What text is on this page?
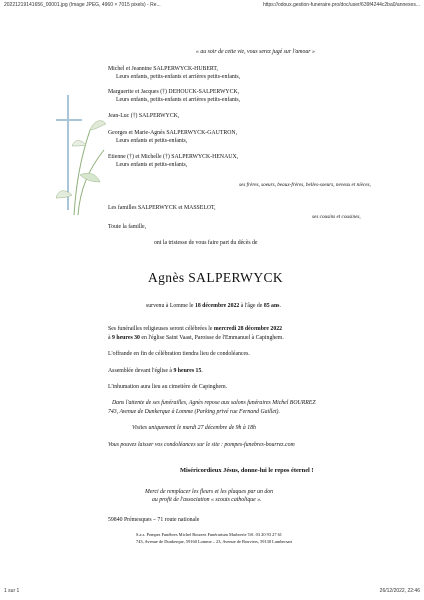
20221219141656_00001.jpg (Image JPEG, 4960 × 7015 pixels) - Re...	https://odoux.gestion-funeraire.pro/doc/user/639f4244c2ba0/annexes...
« au soir de cette vie, vous serez jugé sur l'amour »
Michel et Jeannine SALPERWYCK-HUBERT,
Leurs enfants, petits-enfants et arrières petits-enfants,
Marguerite et Jacques (†) DEHOUCK-SALPERWYCK,
Leurs enfants, petits-enfants et arrières petits-enfants,
Jean-Luc (†) SALPERWYCK,
Georges et Marie-Agnès SALPERWYCK-GAUTRON,
Leurs enfants et petits-enfants,
Etienne (†) et Michelle (†) SALPERWYCK-HENAUX,
Leurs enfants et petits-enfants,
ses frères, soeurs, beaux-frères, belles-soeurs, neveux et nièces,
Les familles SALPERWYCK et MASSELOT,
ses cousins et cousines,
Toute la famille,
ont la tristesse de vous faire part du décès de
Agnès SALPERWYCK
survenu à Lomme le 18 décembre 2022 à l'âge de 85 ans.
Ses funérailles religieuses seront célébrées le mercredi 28 décembre 2022
à 9 heures 30 en l'église Saint Vaast, Paroisse de l'Emmanuel à Capinghem.
L'offrande en fin de célébration tiendra lieu de condoléances.
Assemblée devant l'église à 9 heures 15.
L'inhumation aura lieu au cimetière de Capinghem.
Dans l'attente de ses funérailles, Agnès repose aux salons funéraires Michel BOURREZ
743, Avenue de Dunkerque à Lomme (Parking privé rue Fernand Gaillet).
Visites uniquement le mardi 27 décembre de 9h à 18h
Vous pouvez laisser vos condoléances sur le site : pompes-funebres-bourrez.com
Miséricordieux Jésus, donne-lui le repos éternel !
Merci de remplacer les fleurs et les plaques par un don
au profit de l'association « scouts catholique ».
59840 Prémesques – 71 route nationale
S.a.s. Pompes Funèbres Michel Bourrez Funérarium Marbrerie Tél. 03 20 93 27 61
743, Avenue de Dunkerque, 59160 Lomme – 23, Avenue de Bouviers, 59130 Lambersart
1 sur 1	26/12/2022, 22:46
